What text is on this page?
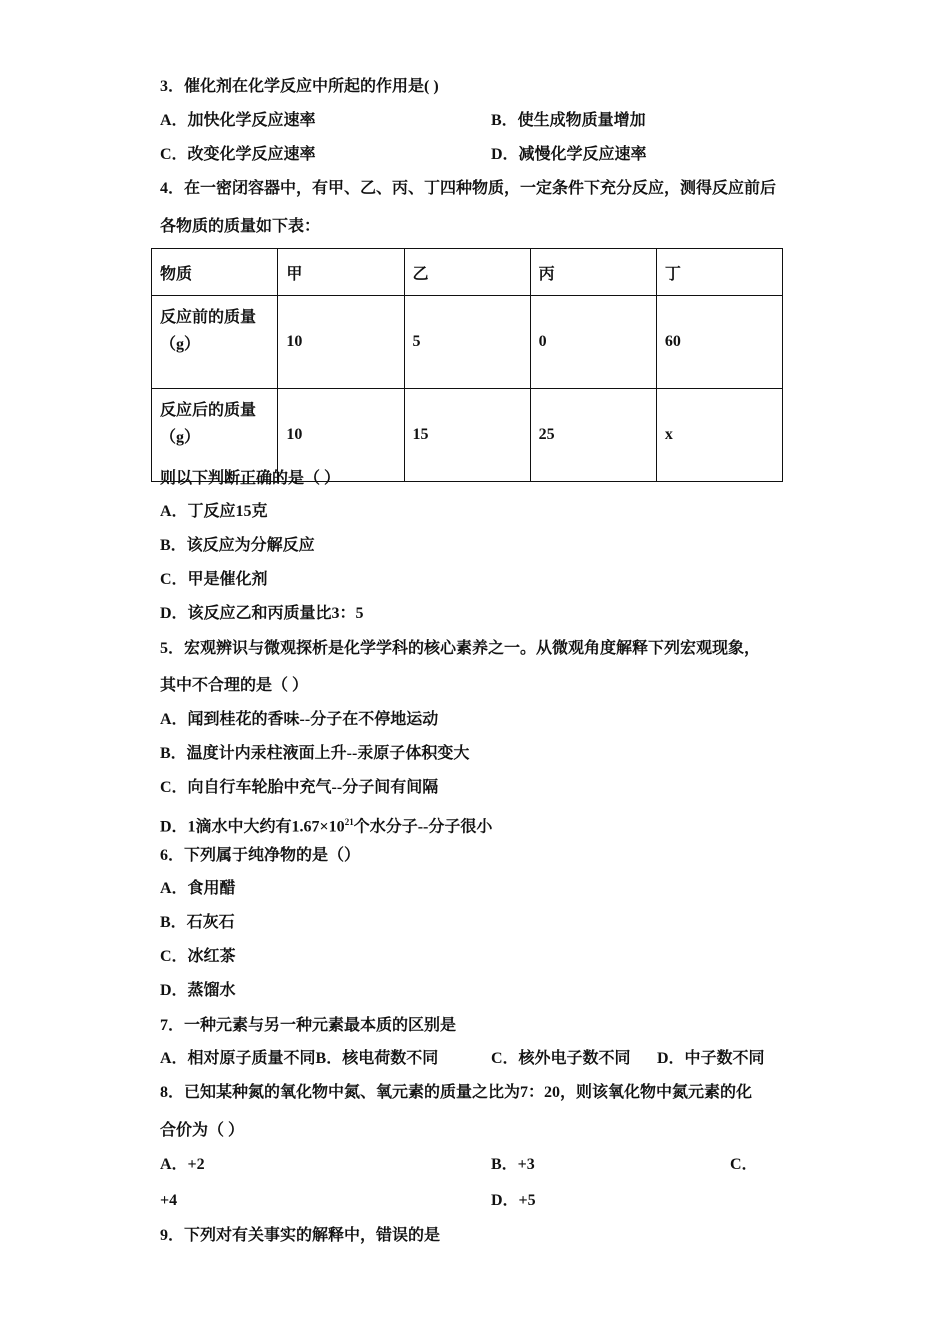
3．催化剂在化学反应中所起的作用是( )
A．加快化学反应速率	B．使生成物质量增加
C．改变化学反应速率	D．减慢化学反应速率
4．在一密闭容器中，有甲、乙、丙、丁四种物质，一定条件下充分反应，测得反应前后
各物质的质量如下表：
物质	甲	乙	丙	丁

反应前的质量
（g）	10	5	0	60

反应后的质量
（g）	10	15	25	x
则以下判断正确的是（ ）
A．丁反应15克
B．该反应为分解反应
C．甲是催化剂
D．该反应乙和丙质量比3：5
5．宏观辨识与微观探析是化学学科的核心素养之一。从微观角度解释下列宏观现象，
其中不合理的是（ ）
A．闻到桂花的香味--分子在不停地运动
B．温度计内汞柱液面上升--汞原子体积变大
C．向自行车轮胎中充气--分子间有间隔
D．1滴水中大约有$1.67\times 10^{21}$个水分子--分子很小
6．下列属于纯净物的是（）
A．食用醋
B．石灰石
C．冰红茶
D．蒸馏水
7．一种元素与另一种元素最本质的区别是
A．相对原子质量不同B．核电荷数不同	C．核外电子数不同 D．中子数不同
8．已知某种氮的氧化物中氮、氧元素的质量之比为7：20，则该氧化物中氮元素的化
合价为（ ）
A．+2	B．+3	C．
+4	D．+5
9．下列对有关事实的解释中，错误的是
